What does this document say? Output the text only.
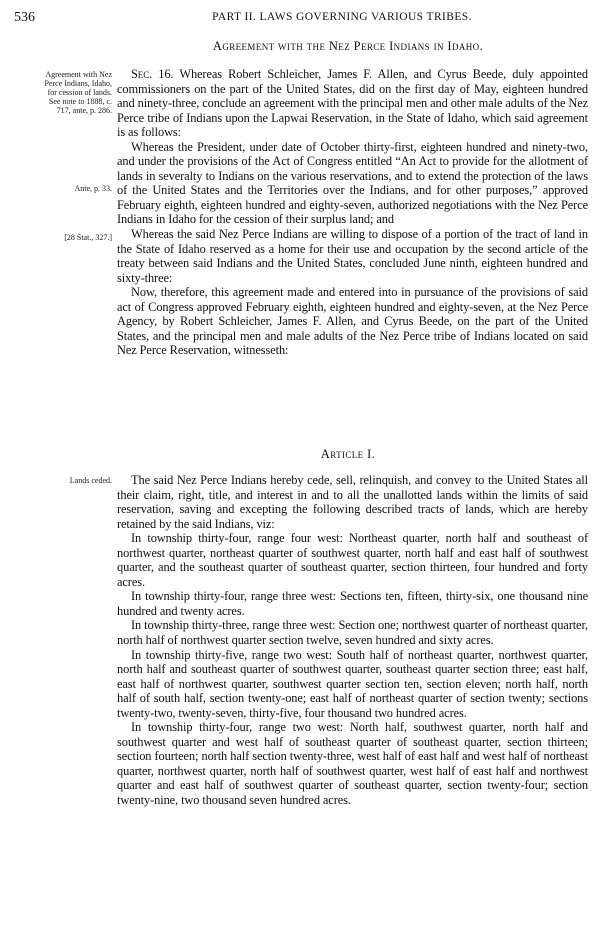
536	PART II. LAWS GOVERNING VARIOUS TRIBES.
Agreement with the Nez Perce Indians in Idaho.

Agreement with Nez

Perce Indians, Idaho,

for cession of lands.

See note to 1888, c.

717, ante, p. 286.

Ante, p. 33.

[28 Stat., 327.]

Lands ceded.

Sec. 16. Whereas Robert Schleicher, James F. Allen, and Cyrus Beede, duly appointed commissioners on the part of the United States, did on the first day of May, eighteen hundred and ninety-three, conclude an agreement with the principal men and other male adults of the Nez Perce tribe of Indians upon the Lapwai Reservation, in the State of Idaho, which said agreement is as follows:

Whereas the President, under date of October thirty-first, eighteen hundred and ninety-two, and under the provisions of the Act of Congress entitled “An Act to provide for the allotment of lands in severalty to Indians on the various reservations, and to extend the protection of the laws of the United States and the Territories over the Indians, and for other purposes,” approved February eighth, eighteen hundred and eighty-seven, authorized negotiations with the Nez Perce Indians in Idaho for the cession of their surplus land; and

Whereas the said Nez Perce Indians are willing to dispose of a portion of the tract of land in the State of Idaho reserved as a home for their use and occupation by the second article of the treaty between said Indians and the United States, concluded June ninth, eighteen hundred and sixty-three:

Now, therefore, this agreement made and entered into in pursuance of the provisions of said act of Congress approved February eighth, eighteen hundred and eighty-seven, at the Nez Perce Agency, by Robert Schleicher, James F. Allen, and Cyrus Beede, on the part of the United States, and the principal men and male adults of the Nez Perce tribe of Indians located on said Nez Perce Reservation, witnesseth:

Article I.

The said Nez Perce Indians hereby cede, sell, relinquish, and convey to the United States all their claim, right, title, and interest in and to all the unallotted lands within the limits of said reservation, saving and excepting the following described tracts of lands, which are hereby retained by the said Indians, viz:

In township thirty-four, range four west: Northeast quarter, north half and southeast of northwest quarter, northeast quarter of southwest quarter, north half and east half of southwest quarter, and the southeast quarter of southeast quarter, section thirteen, four hundred and forty acres.

In township thirty-four, range three west: Sections ten, fifteen, thirty-six, one thousand nine hundred and twenty acres.

In township thirty-three, range three west: Section one; northwest quarter of northeast quarter, north half of northwest quarter section twelve, seven hundred and sixty acres.

In township thirty-five, range two west: South half of northeast quarter, northwest quarter, north half and southeast quarter of southwest quarter, southeast quarter section three; east half, east half of northwest quarter, southwest quarter section ten, section eleven; north half, north half of south half, section twenty-one; east half of northeast quarter of section twenty; sections twenty-two, twenty-seven, thirty-five, four thousand two hundred acres.

In township thirty-four, range two west: North half, southwest quarter, north half and southwest quarter and west half of southeast quarter of southeast quarter, section thirteen; section fourteen; north half section twenty-three, west half of east half and west half of northeast quarter, northwest quarter, north half of southwest quarter, west half of east half and northwest quarter and east half of southwest quarter of southeast quarter, section twenty-four; section twenty-nine, two thousand seven hundred acres.
